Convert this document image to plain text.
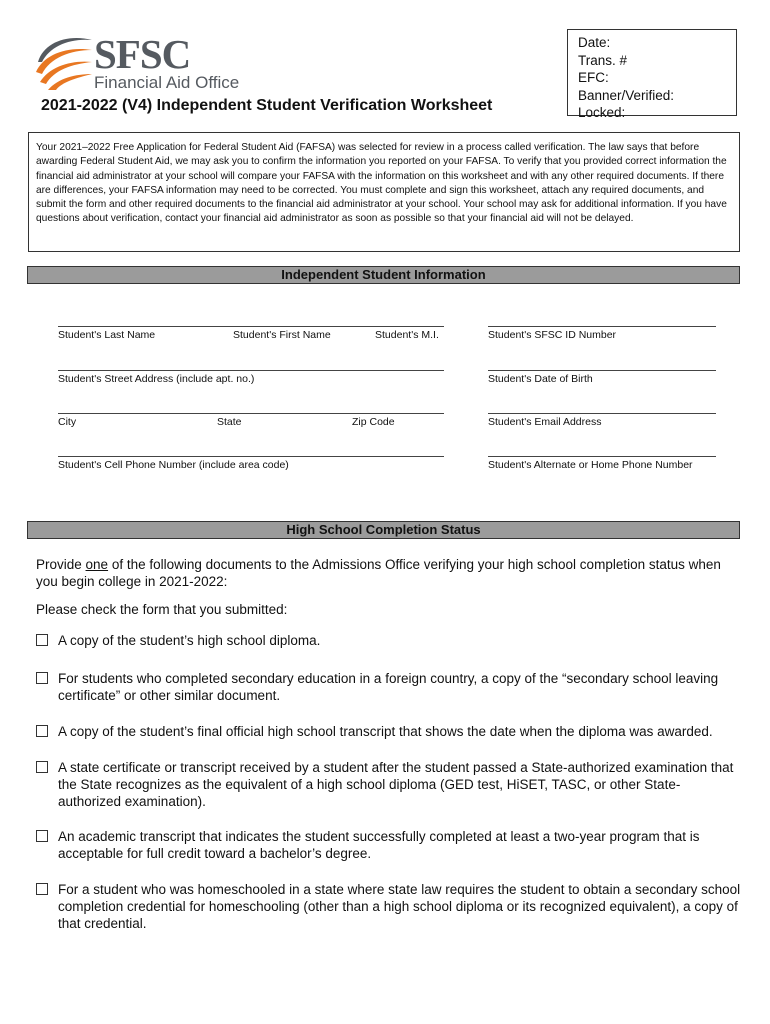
SFSC
Financial Aid Office
2021-2022 (V4) Independent Student Verification Worksheet
Date:
Trans. #
EFC:
Banner/Verified:
Locked:
Your 2021–2022 Free Application for Federal Student Aid (FAFSA) was selected for review in a process called verification. The law says that before awarding Federal Student Aid, we may ask you to confirm the information you reported on your FAFSA. To verify that you provided correct information the financial aid administrator at your school will compare your FAFSA with the information on this worksheet and with any other required documents. If there are differences, your FAFSA information may need to be corrected. You must complete and sign this worksheet, attach any required documents, and submit the form and other required documents to the financial aid administrator at your school. Your school may ask for additional information. If you have questions about verification, contact your financial aid administrator as soon as possible so that your financial aid will not be delayed.
Independent Student Information
Student's Last Name	Student's First Name	Student's M.I.	Student's SFSC ID Number
Student's Street Address (include apt. no.)	Student's Date of Birth
City	State	Zip Code	Student's Email Address
Student's Cell Phone Number (include area code)	Student's Alternate or Home Phone Number
High School Completion Status
Provide one of the following documents to the Admissions Office verifying your high school completion status when you begin college in 2021-2022:
Please check the form that you submitted:
A copy of the student’s high school diploma.
For students who completed secondary education in a foreign country, a copy of the “secondary school leaving certificate” or other similar document.
A copy of the student’s final official high school transcript that shows the date when the diploma was awarded.
A state certificate or transcript received by a student after the student passed a State-authorized examination that the State recognizes as the equivalent of a high school diploma (GED test, HiSET, TASC, or other State-authorized examination).
An academic transcript that indicates the student successfully completed at least a two-year program that is acceptable for full credit toward a bachelor’s degree.
For a student who was homeschooled in a state where state law requires the student to obtain a secondary school completion credential for homeschooling (other than a high school diploma or its recognized equivalent), a copy of that credential.
